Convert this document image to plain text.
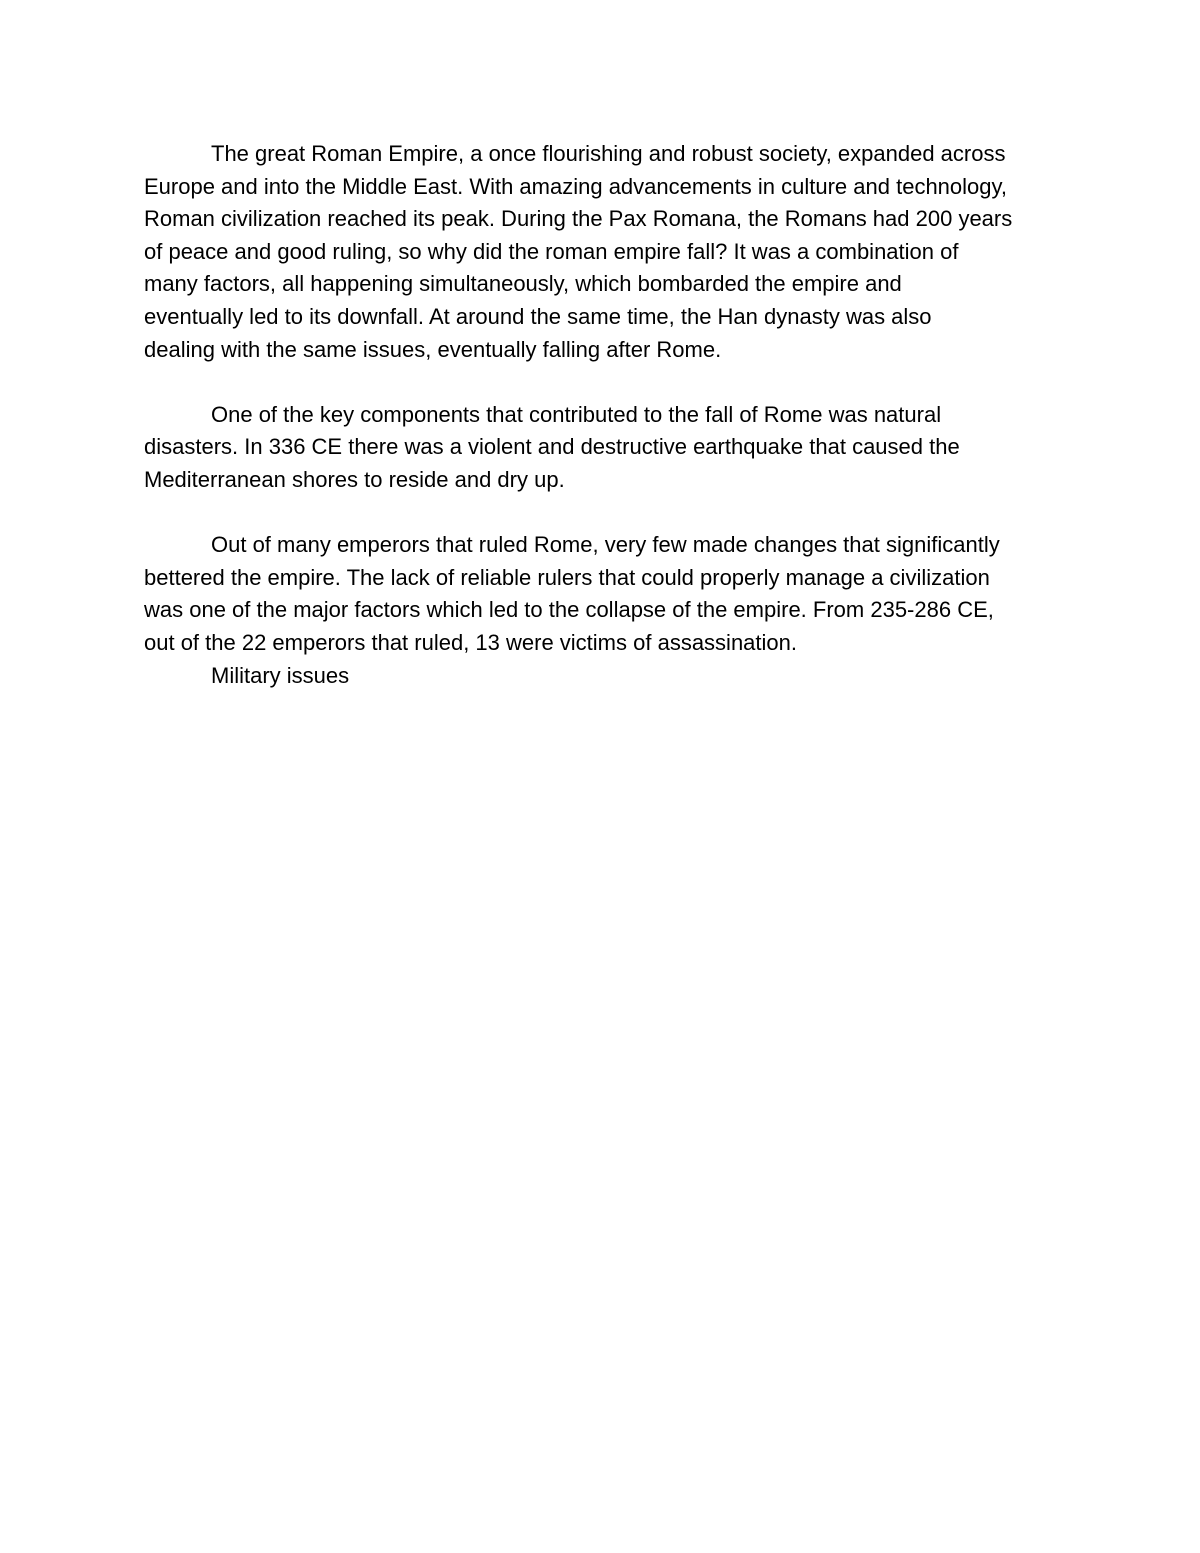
The great Roman Empire, a once flourishing and robust society, expanded across
Europe and into the Middle East. With amazing advancements in culture and technology,
Roman civilization reached its peak. During the Pax Romana, the Romans had 200 years
of peace and good ruling, so why did the roman empire fall? It was a combination of
many factors, all happening simultaneously, which bombarded the empire and
eventually led to its downfall. At around the same time, the Han dynasty was also
dealing with the same issues, eventually falling after Rome.
One of the key components that contributed to the fall of Rome was natural
disasters. In 336 CE there was a violent and destructive earthquake that caused the
Mediterranean shores to reside and dry up.
Out of many emperors that ruled Rome, very few made changes that significantly
bettered the empire. The lack of reliable rulers that could properly manage a civilization
was one of the major factors which led to the collapse of the empire. From 235-286 CE,
out of the 22 emperors that ruled, 13 were victims of assassination.
Military issues
